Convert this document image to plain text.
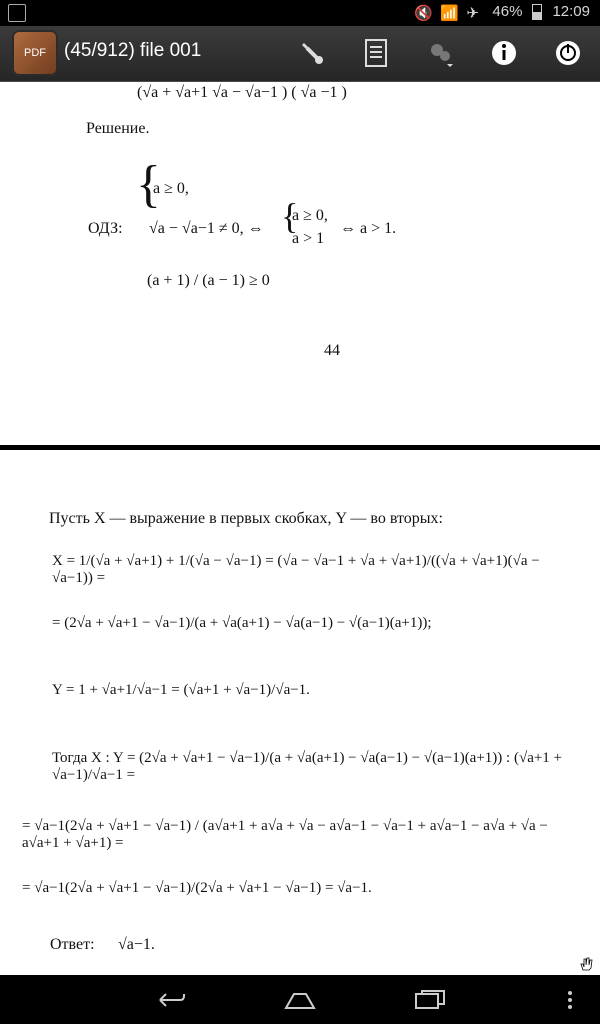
🔇 📶 ✈ 46% 12:09
PDF (45/912) file 001
(√a + √a+1 √a − √a−1 ) ( √a −1 )
Решение.
{
a ≥ 0,
ОДЗ: √a − √a−1 ≠ 0, ⇔ {
a ≥ 0,
a > 1
⇔ a > 1.
(a + 1) / (a − 1) ≥ 0
44
Пусть X — выражение в первых скобках, Y — во вторых:
X = 1/(√a + √a+1) + 1/(√a − √a−1) = (√a − √a−1 + √a + √a+1)/((√a + √a+1)(√a − √a−1)) =
= (2√a + √a+1 − √a−1)/(a + √a(a+1) − √a(a−1) − √(a−1)(a+1));
Y = 1 + √a+1/√a−1 = (√a+1 + √a−1)/√a−1.
Тогда X : Y = (2√a + √a+1 − √a−1)/(a + √a(a+1) − √a(a−1) − √(a−1)(a+1)) : (√a+1 + √a−1)/√a−1 =
= √a−1(2√a + √a+1 − √a−1) / (a√a+1 + a√a + √a − a√a−1 − √a−1 + a√a−1 − a√a + √a − a√a+1 + √a+1) =
= √a−1(2√a + √a+1 − √a−1)/(2√a + √a+1 − √a−1) = √a−1.
Ответ: √a−1.
